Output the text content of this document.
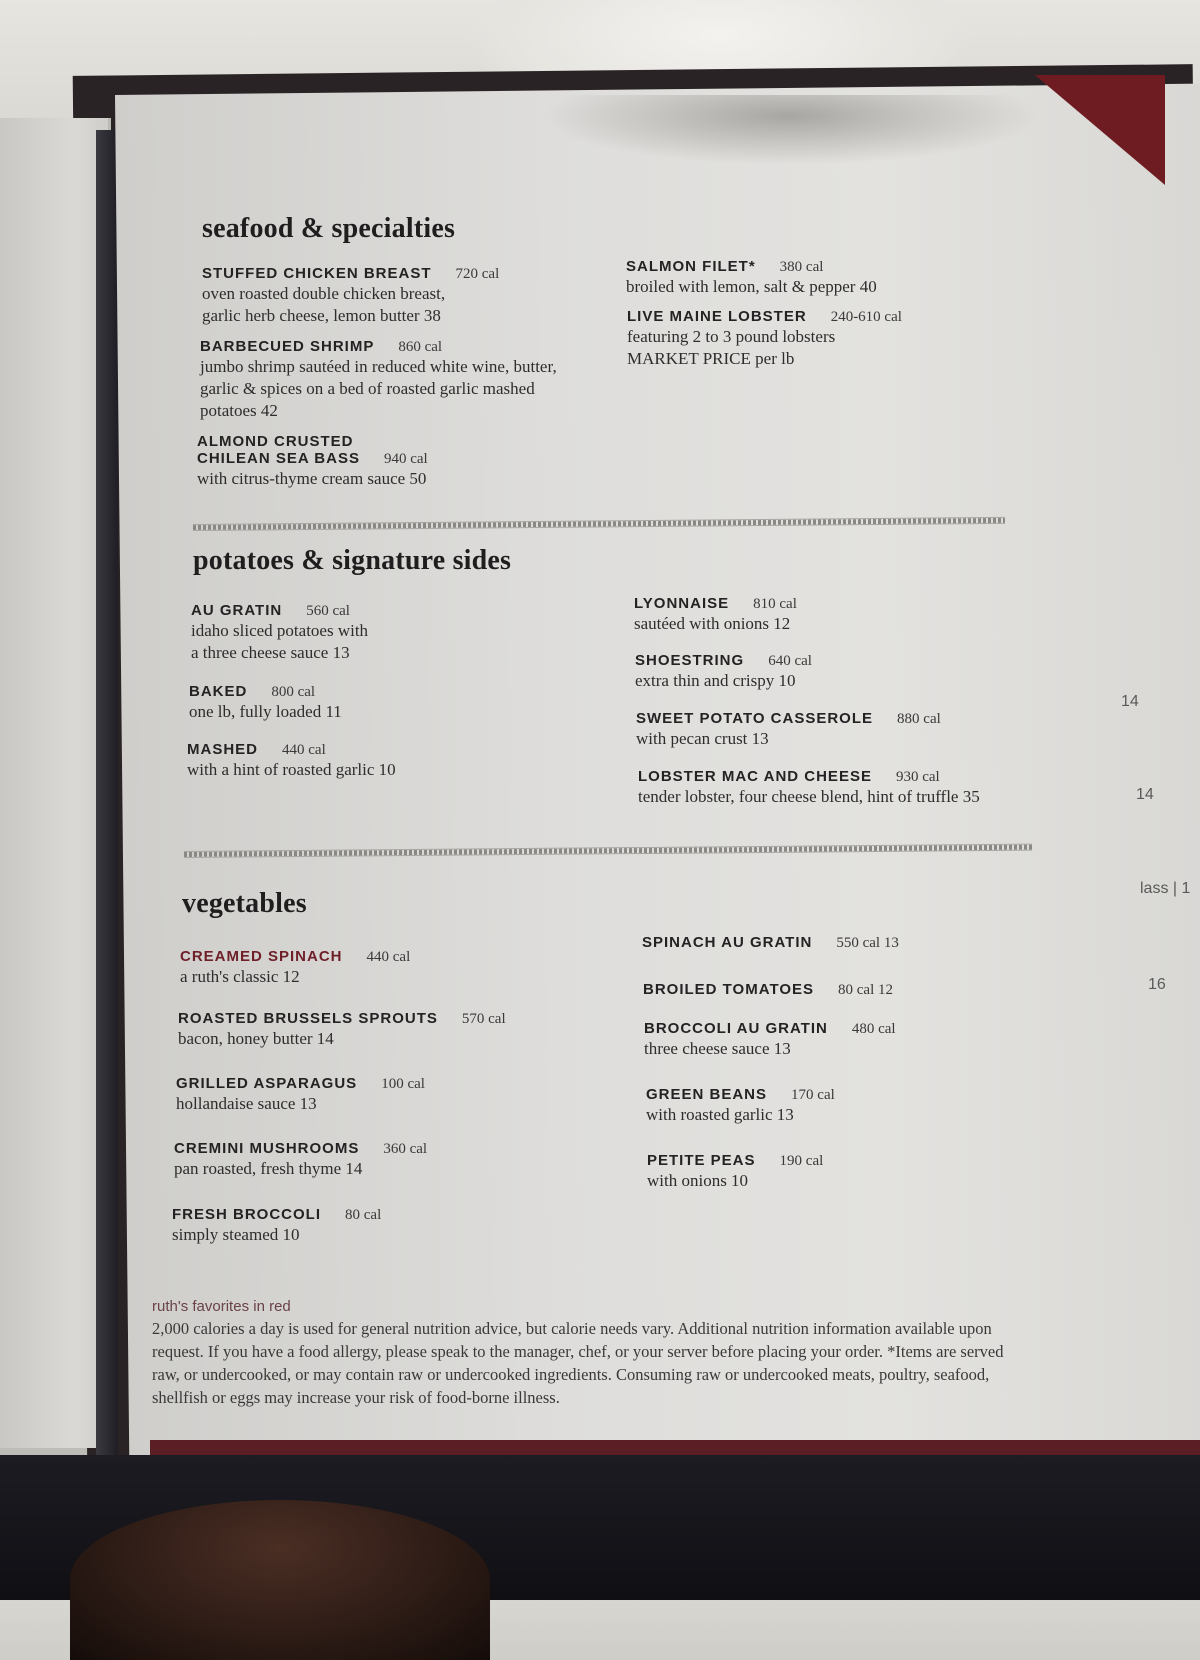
14
14
lass | 1
16
seafood & specialties
STUFFED CHICKEN BREAST 720 cal
oven roasted double chicken breast,
garlic herb cheese, lemon butter 38
BARBECUED SHRIMP 860 cal
jumbo shrimp sautéed in reduced white wine, butter,
garlic & spices on a bed of roasted garlic mashed
potatoes 42
ALMOND CRUSTED
CHILEAN SEA BASS 940 cal
with citrus-thyme cream sauce 50
SALMON FILET* 380 cal
broiled with lemon, salt & pepper 40
LIVE MAINE LOBSTER 240-610 cal
featuring 2 to 3 pound lobsters
MARKET PRICE per lb
potatoes & signature sides
AU GRATIN 560 cal
idaho sliced potatoes with
a three cheese sauce 13
BAKED 800 cal
one lb, fully loaded 11
MASHED 440 cal
with a hint of roasted garlic 10
LYONNAISE 810 cal
sautéed with onions 12
SHOESTRING 640 cal
extra thin and crispy 10
SWEET POTATO CASSEROLE 880 cal
with pecan crust 13
LOBSTER MAC AND CHEESE 930 cal
tender lobster, four cheese blend, hint of truffle 35
vegetables
CREAMED SPINACH 440 cal
a ruth's classic 12
ROASTED BRUSSELS SPROUTS 570 cal
bacon, honey butter 14
GRILLED ASPARAGUS 100 cal
hollandaise sauce 13
CREMINI MUSHROOMS 360 cal
pan roasted, fresh thyme 14
FRESH BROCCOLI 80 cal
simply steamed 10
SPINACH AU GRATIN 550 cal 13
BROILED TOMATOES 80 cal 12
BROCCOLI AU GRATIN 480 cal
three cheese sauce 13
GREEN BEANS 170 cal
with roasted garlic 13
PETITE PEAS 190 cal
with onions 10
ruth's favorites in red
2,000 calories a day is used for general nutrition advice, but calorie needs vary. Additional nutrition information available upon request. If you have a food allergy, please speak to the manager, chef, or your server before placing your order. *Items are served raw, or undercooked, or may contain raw or undercooked ingredients. Consuming raw or undercooked meats, poultry, seafood, shellfish or eggs may increase your risk of food-borne illness.
